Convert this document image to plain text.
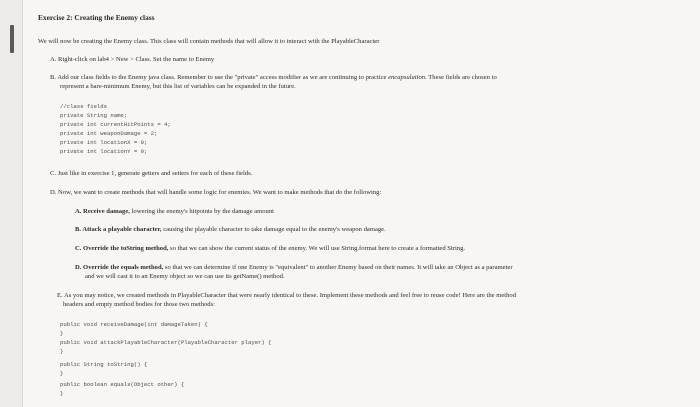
Exercise 2: Creating the Enemy class
We will now be creating the Enemy class. This class will contain methods that will allow it to interact with the PlayableCharacter
A. Right-click on lab4 > New > Class. Set the name to Enemy
B. Add our class fields to the Enemy java class. Remember to use the "private" access modifier as we are continuing to practice encapsulation. These fields are chosen to
represent a bare-minimum Enemy, but this list of variables can be expanded in the future.
//class fields
private String name;
private int currentHitPoints = 4;
private int weaponDamage = 2;
private int locationX = 0;
private int locationY = 0;
C. Just like in exercise 1, generate getters and setters for each of these fields.
D. Now, we want to create methods that will handle some logic for enemies. We want to make methods that do the following:
A. Receive damage, lowering the enemy's hitpoints by the damage amount
B. Attack a playable character, causing the playable character to take damage equal to the enemy's weapon damage.
C. Override the toString method, so that we can show the current status of the enemy. We will use String.format here to create a formatted String.
D. Override the equals method, so that we can determine if one Enemy is "equivalent" to another Enemy based on their names. It will take an Object as a parameter
and we will cast it to an Enemy object so we can use its getName() method.
E. As you may notice, we created methods in PlayableCharacter that were nearly identical to these. Implement these methods and feel free to reuse code! Here are the method
headers and empty method bodies for those two methods:
public void receiveDamage(int damageTaken) {
}
public void attackPlayableCharacter(PlayableCharacter player) {
}
public String toString() {
}
public boolean equals(Object other) {
}
